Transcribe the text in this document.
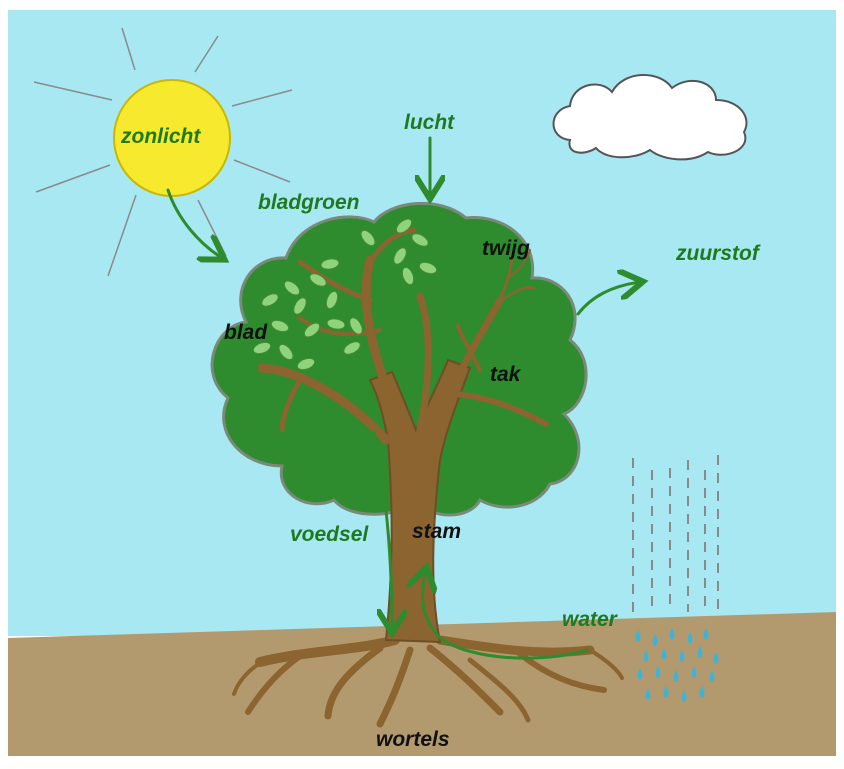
zonlicht
lucht
bladgroen
twijg	zuurstof
blad
tak
voedsel stam
water
wortels
